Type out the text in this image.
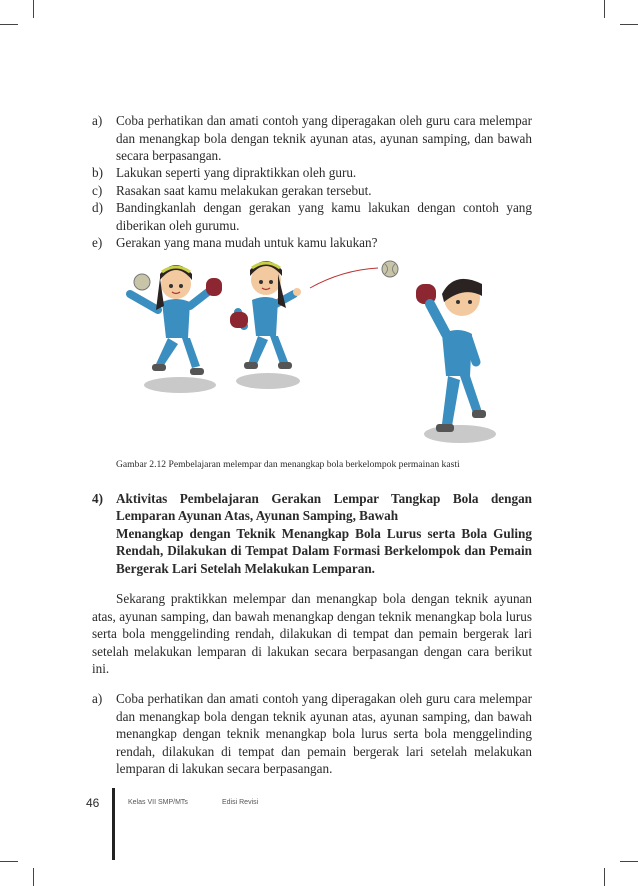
a) Coba perhatikan dan amati contoh yang diperagakan oleh guru cara melempar dan menangkap bola dengan teknik ayunan atas, ayunan samping, dan bawah secara berpasangan.
b) Lakukan seperti yang dipraktikkan oleh guru.
c) Rasakan saat kamu melakukan gerakan tersebut.
d) Bandingkanlah dengan gerakan yang kamu lakukan dengan contoh yang diberikan oleh gurumu.
e) Gerakan yang mana mudah untuk kamu lakukan?
Gambar 2.12 Pembelajaran melempar dan menangkap bola berkelompok permainan kasti
4) Aktivitas Pembelajaran Gerakan Lempar Tangkap Bola dengan Lemparan Ayunan Atas, Ayunan Samping, Bawah
Menangkap dengan Teknik Menangkap Bola Lurus serta Bola Guling Rendah, Dilakukan di Tempat Dalam Formasi Berkelompok dan Pemain Bergerak Lari Setelah Melakukan Lemparan.
Sekarang praktikkan melempar dan menangkap bola dengan teknik ayunan atas, ayunan samping, dan bawah menangkap dengan teknik menangkap bola lurus serta bola menggelinding rendah, dilakukan di tempat dan pemain bergerak lari setelah melakukan lemparan di lakukan secara berpasangan dengan cara berikut ini.
a) Coba perhatikan dan amati contoh yang diperagakan oleh guru cara melempar dan menangkap bola dengan teknik ayunan atas, ayunan samping, dan bawah menangkap dengan teknik menangkap bola lurus serta bola menggelinding rendah, dilakukan di tempat dan pemain bergerak lari setelah melakukan lemparan di lakukan secara berpasangan.
46	Kelas VII SMP/MTs	Edisi Revisi
